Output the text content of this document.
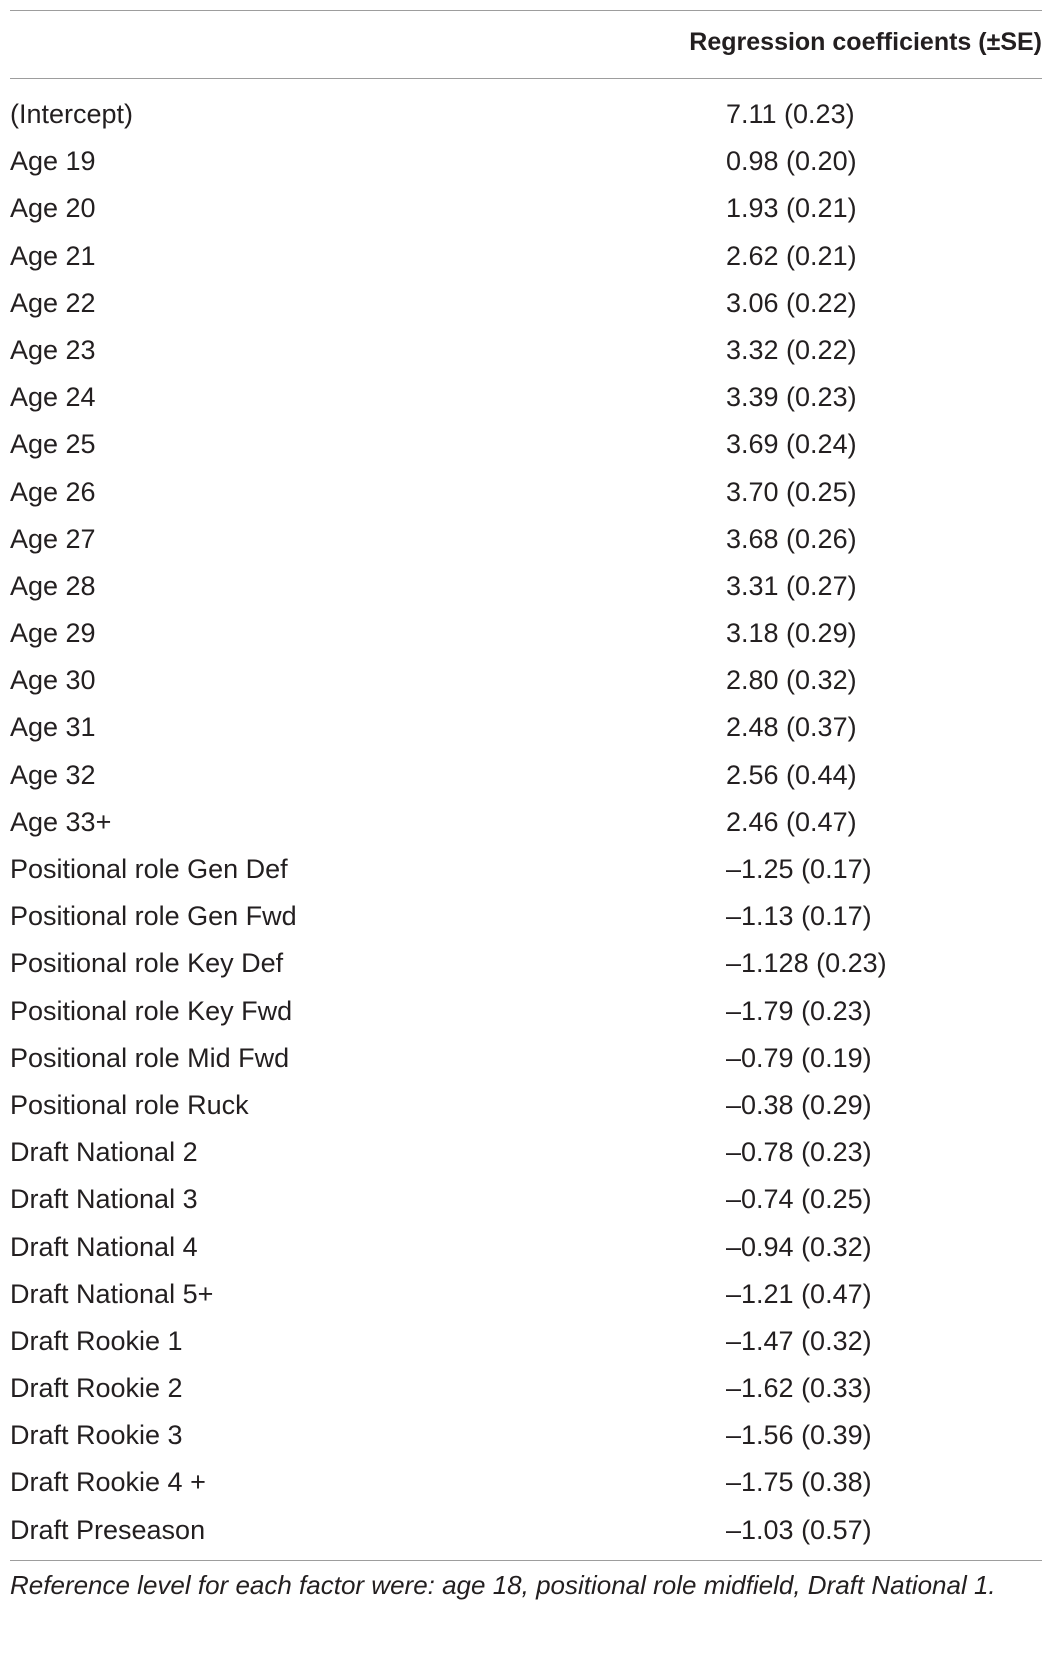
Regression coefficients (±SE)
(Intercept)	7.11 (0.23)
Age 19	0.98 (0.20)
Age 20	1.93 (0.21)
Age 21	2.62 (0.21)
Age 22	3.06 (0.22)
Age 23	3.32 (0.22)
Age 24	3.39 (0.23)
Age 25	3.69 (0.24)
Age 26	3.70 (0.25)
Age 27	3.68 (0.26)
Age 28	3.31 (0.27)
Age 29	3.18 (0.29)
Age 30	2.80 (0.32)
Age 31	2.48 (0.37)
Age 32	2.56 (0.44)
Age 33+	2.46 (0.47)
Positional role Gen Def	–1.25 (0.17)
Positional role Gen Fwd	–1.13 (0.17)
Positional role Key Def	–1.128 (0.23)
Positional role Key Fwd	–1.79 (0.23)
Positional role Mid Fwd	–0.79 (0.19)
Positional role Ruck	–0.38 (0.29)
Draft National 2	–0.78 (0.23)
Draft National 3	–0.74 (0.25)
Draft National 4	–0.94 (0.32)
Draft National 5+	–1.21 (0.47)
Draft Rookie 1	–1.47 (0.32)
Draft Rookie 2	–1.62 (0.33)
Draft Rookie 3	–1.56 (0.39)
Draft Rookie 4 +	–1.75 (0.38)
Draft Preseason	–1.03 (0.57)
Reference level for each factor were: age 18, positional role midfield, Draft National 1.
